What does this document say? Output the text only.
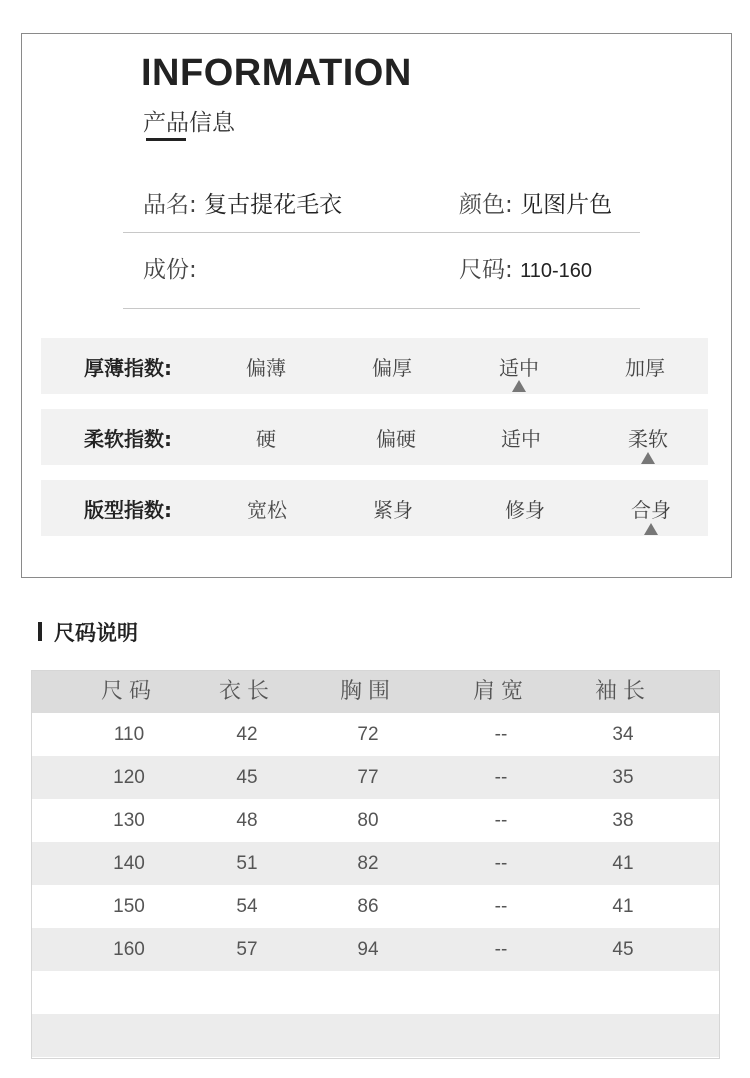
INFORMATION
产品信息
品名: 复古提花毛衣	颜色: 见图片色
成份:	尺码: 110-160
厚薄指数:	偏薄	偏厚	适中	加厚
柔软指数:	硬	偏硬	适中	柔软
版型指数:	宽松	紧身	修身	合身
尺码说明
尺码	衣长	胸围	肩宽	袖长
110	42	72	--	34
120	45	77	--	35
130	48	80	--	38
140	51	82	--	41
150	54	86	--	41
160	57	94	--	45
